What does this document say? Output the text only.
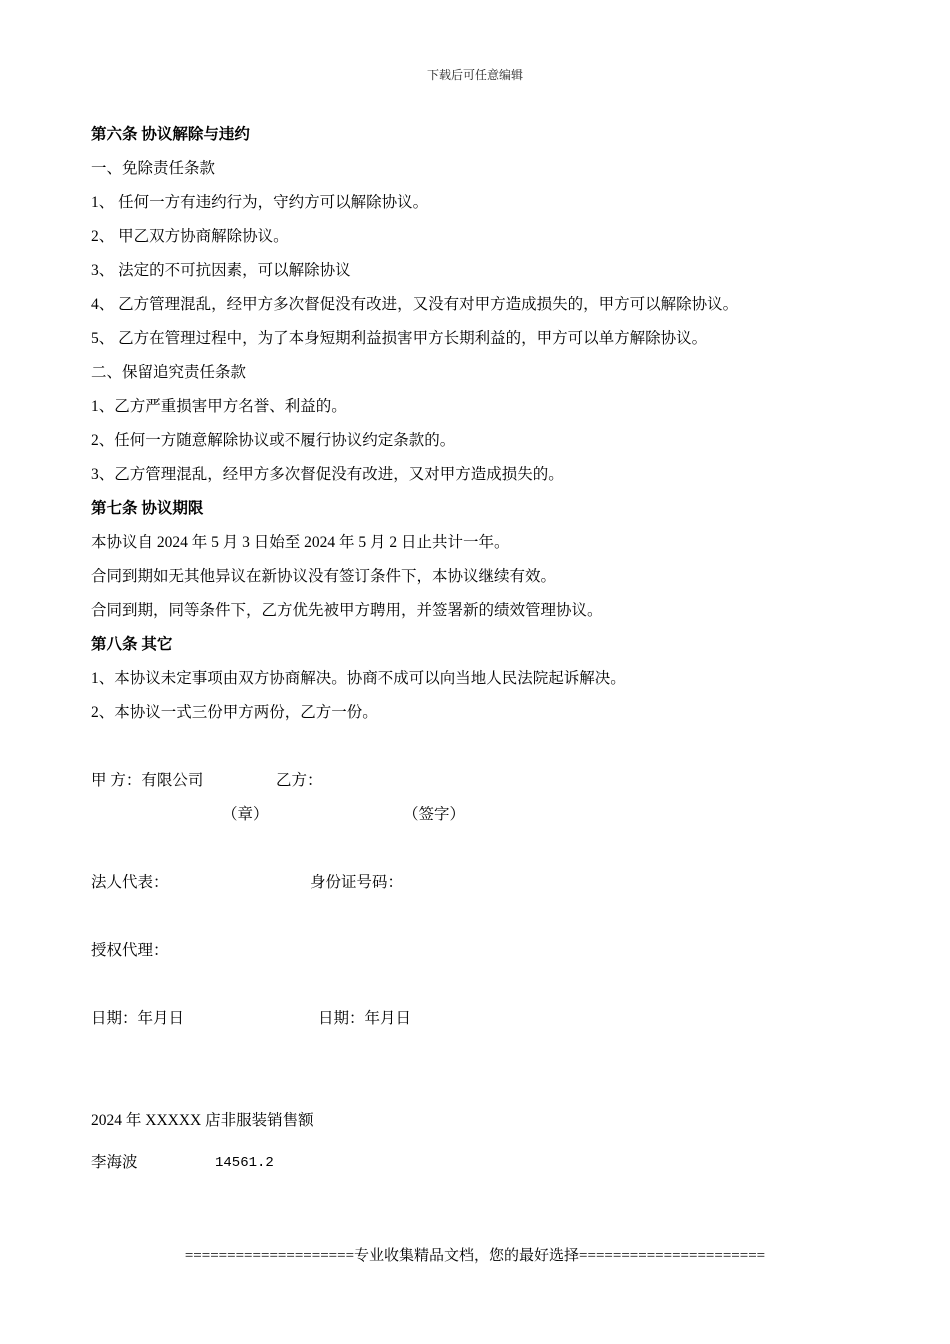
下载后可任意编辑
第六条 协议解除与违约
一、免除责任条款
1、 任何一方有违约行为，守约方可以解除协议。
2、 甲乙双方协商解除协议。
3、 法定的不可抗因素，可以解除协议
4、 乙方管理混乱，经甲方多次督促没有改进，又没有对甲方造成损失的，甲方可以解除协议。
5、 乙方在管理过程中，为了本身短期利益损害甲方长期利益的，甲方可以单方解除协议。
二、保留追究责任条款
1、乙方严重损害甲方名誉、利益的。
2、任何一方随意解除协议或不履行协议约定条款的。
3、乙方管理混乱，经甲方多次督促没有改进，又对甲方造成损失的。
第七条 协议期限
本协议自 2024 年 5 月 3 日始至 2024 年 5 月 2 日止共计一年。
合同到期如无其他异议在新协议没有签订条件下，本协议继续有效。
合同到期，同等条件下，乙方优先被甲方聘用，并签署新的绩效管理协议。
第八条 其它
1、本协议未定事项由双方协商解决。协商不成可以向当地人民法院起诉解决。
2、本协议一式三份甲方两份，乙方一份。
甲 方：有限公司	乙方：
（章）	（签字）
法人代表：	身份证号码：
授权代理：
日期：年月日	日期：年月日
2024 年 XXXXX 店非服装销售额
李海波	14561.2
====================专业收集精品文档，您的最好选择======================
